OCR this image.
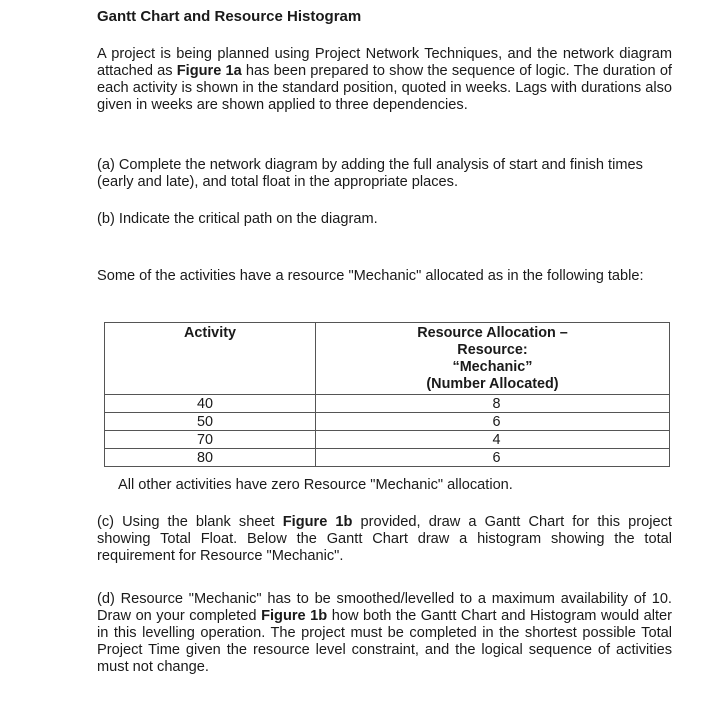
Gantt Chart and Resource Histogram

A project is being planned using Project Network Techniques, and the network diagram attached as Figure 1a has been prepared to show the sequence of logic. The duration of each activity is shown in the standard position, quoted in weeks. Lags with durations also given in weeks are shown applied to three dependencies.

(a) Complete the network diagram by adding the full analysis of start and finish times (early and late), and total float in the appropriate places.

(b) Indicate the critical path on the diagram.

Some of the activities have a resource "Mechanic" allocated as in the following table:

Activity	Resource Allocation –
Resource:
“Mechanic”
(Number Allocated)

40	8
50	6
70	4
80	6
All other activities have zero Resource "Mechanic" allocation.

(c) Using the blank sheet Figure 1b provided, draw a Gantt Chart for this project showing Total Float. Below the Gantt Chart draw a histogram showing the total requirement for Resource "Mechanic".

(d) Resource "Mechanic" has to be smoothed/levelled to a maximum availability of 10. Draw on your completed Figure 1b how both the Gantt Chart and Histogram would alter in this levelling operation. The project must be completed in the shortest possible Total Project Time given the resource level constraint, and the logical sequence of activities must not change.
